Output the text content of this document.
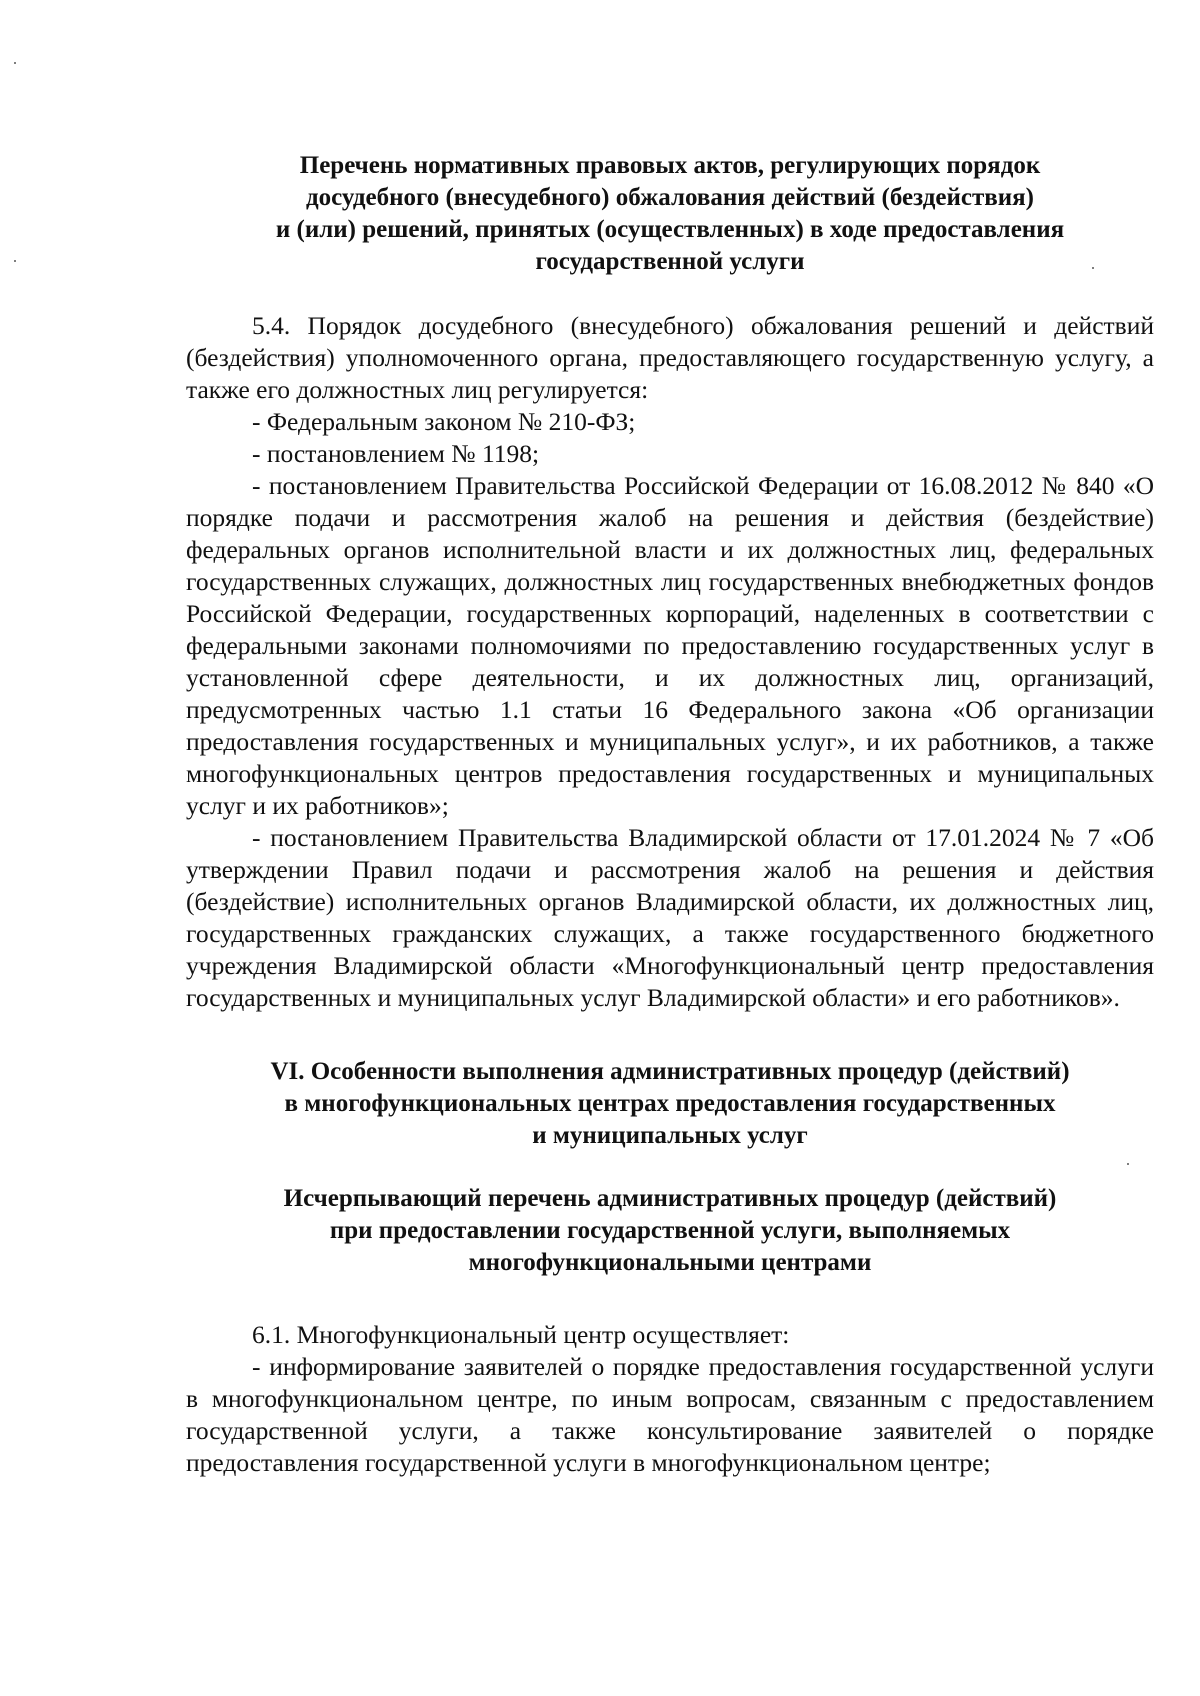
Перечень нормативных правовых актов, регулирующих порядок
досудебного (внесудебного) обжалования действий (бездействия)
и (или) решений, принятых (осуществленных) в ходе предоставления
государственной услуги

5.4. Порядок досудебного (внесудебного) обжалования решений и действий (бездействия) уполномоченного органа, предоставляющего государственную услугу, а также его должностных лиц регулируется:

- Федеральным законом № 210-ФЗ;

- постановлением № 1198;

- постановлением Правительства Российской Федерации от 16.08.2012 № 840 «О порядке подачи и рассмотрения жалоб на решения и действия (бездействие) федеральных органов исполнительной власти и их должностных лиц, федеральных государственных служащих, должностных лиц государственных внебюджетных фондов Российской Федерации, государственных корпораций, наделенных в соответствии с федеральными законами полномочиями по предоставлению государственных услуг в установленной сфере деятельности, и их должностных лиц, организаций, предусмотренных частью 1.1 статьи 16 Федерального закона «Об организации предоставления государственных и муниципальных услуг», и их работников, а также многофункциональных центров предоставления государственных и муниципальных услуг и их работников»;

- постановлением Правительства Владимирской области от 17.01.2024 № 7 «Об утверждении Правил подачи и рассмотрения жалоб на решения и действия (бездействие) исполнительных органов Владимирской области, их должностных лиц, государственных гражданских служащих, а также государственного бюджетного учреждения Владимирской области «Многофункциональный центр предоставления государственных и муниципальных услуг Владимирской области» и его работников».

VI. Особенности выполнения административных процедур (действий)
в многофункциональных центрах предоставления государственных
и муниципальных услуг
Исчерпывающий перечень административных процедур (действий)
при предоставлении государственной услуги, выполняемых
многофункциональными центрами

6.1. Многофункциональный центр осуществляет:

- информирование заявителей о порядке предоставления государственной услуги в многофункциональном центре, по иным вопросам, связанным с предоставлением государственной услуги, а также консультирование заявителей о порядке предоставления государственной услуги в многофункциональном центре;
